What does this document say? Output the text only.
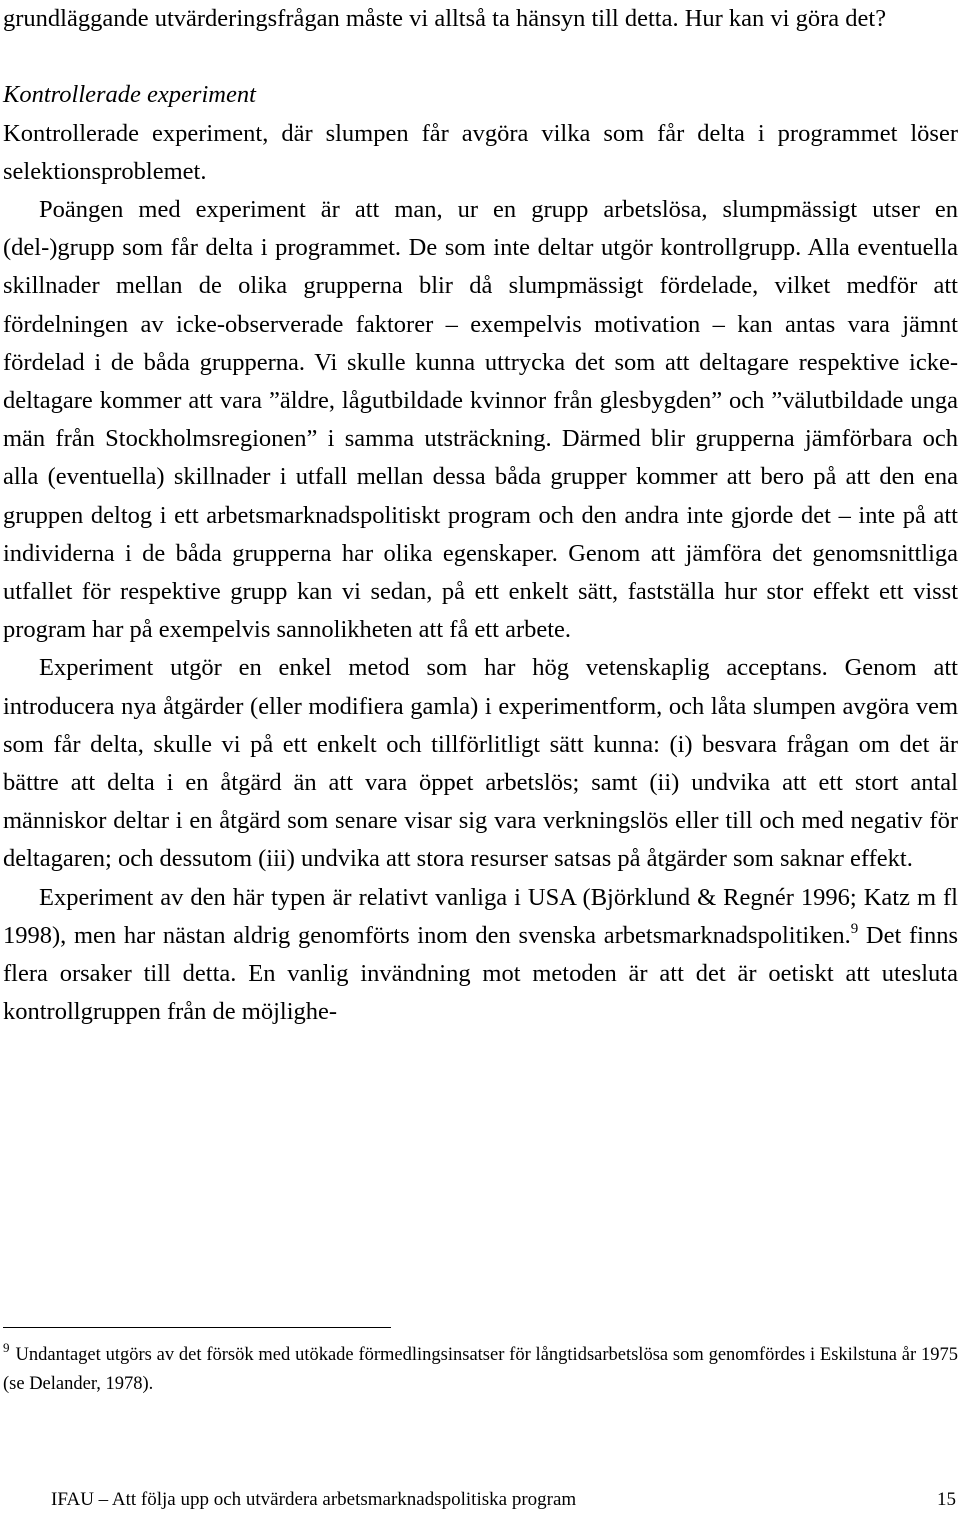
grundläggande utvärderingsfrågan måste vi alltså ta hänsyn till detta. Hur kan vi göra det?

Kontrollerade experiment

Kontrollerade experiment, där slumpen får avgöra vilka som får delta i programmet löser selektionsproblemet.

Poängen med experiment är att man, ur en grupp arbetslösa, slumpmässigt utser en (del-)grupp som får delta i programmet. De som inte deltar utgör kontrollgrupp. Alla eventuella skillnader mellan de olika grupperna blir då slumpmässigt fördelade, vilket medför att fördelningen av icke-observerade faktorer – exempelvis motivation – kan antas vara jämnt fördelad i de båda grupperna. Vi skulle kunna uttrycka det som att deltagare respektive icke-deltagare kommer att vara ”äldre, lågutbildade kvinnor från glesbygden” och ”välutbildade unga män från Stockholmsregionen” i samma utsträckning. Därmed blir grupperna jämförbara och alla (eventuella) skillnader i utfall mellan dessa båda grupper kommer att bero på att den ena gruppen deltog i ett arbetsmarknadspolitiskt program och den andra inte gjorde det – inte på att individerna i de båda grupperna har olika egenskaper. Genom att jämföra det genomsnittliga utfallet för respektive grupp kan vi sedan, på ett enkelt sätt, fastställa hur stor effekt ett visst program har på exempelvis sannolikheten att få ett arbete.

Experiment utgör en enkel metod som har hög vetenskaplig acceptans. Genom att introducera nya åtgärder (eller modifiera gamla) i experimentform, och låta slumpen avgöra vem som får delta, skulle vi på ett enkelt och tillförlitligt sätt kunna: (i) besvara frågan om det är bättre att delta i en åtgärd än att vara öppet arbetslös; samt (ii) undvika att ett stort antal människor deltar i en åtgärd som senare visar sig vara verkningslös eller till och med negativ för deltagaren; och dessutom (iii) undvika att stora resurser satsas på åtgärder som saknar effekt.

Experiment av den här typen är relativt vanliga i USA (Björklund & Regnér 1996; Katz m fl 1998), men har nästan aldrig genomförts inom den svenska arbetsmarknadspolitiken.$^9$ Det finns flera orsaker till detta. En vanlig invändning mot metoden är att det är oetiskt att utesluta kontrollgruppen från de möjlighe-

$^9$ Undantaget utgörs av det försök med utökade förmedlingsinsatser för långtidsarbetslösa som genomfördes i Eskilstuna år 1975 (se Delander, 1978).

IFAU – Att följa upp och utvärdera arbetsmarknadspolitiska program	15
